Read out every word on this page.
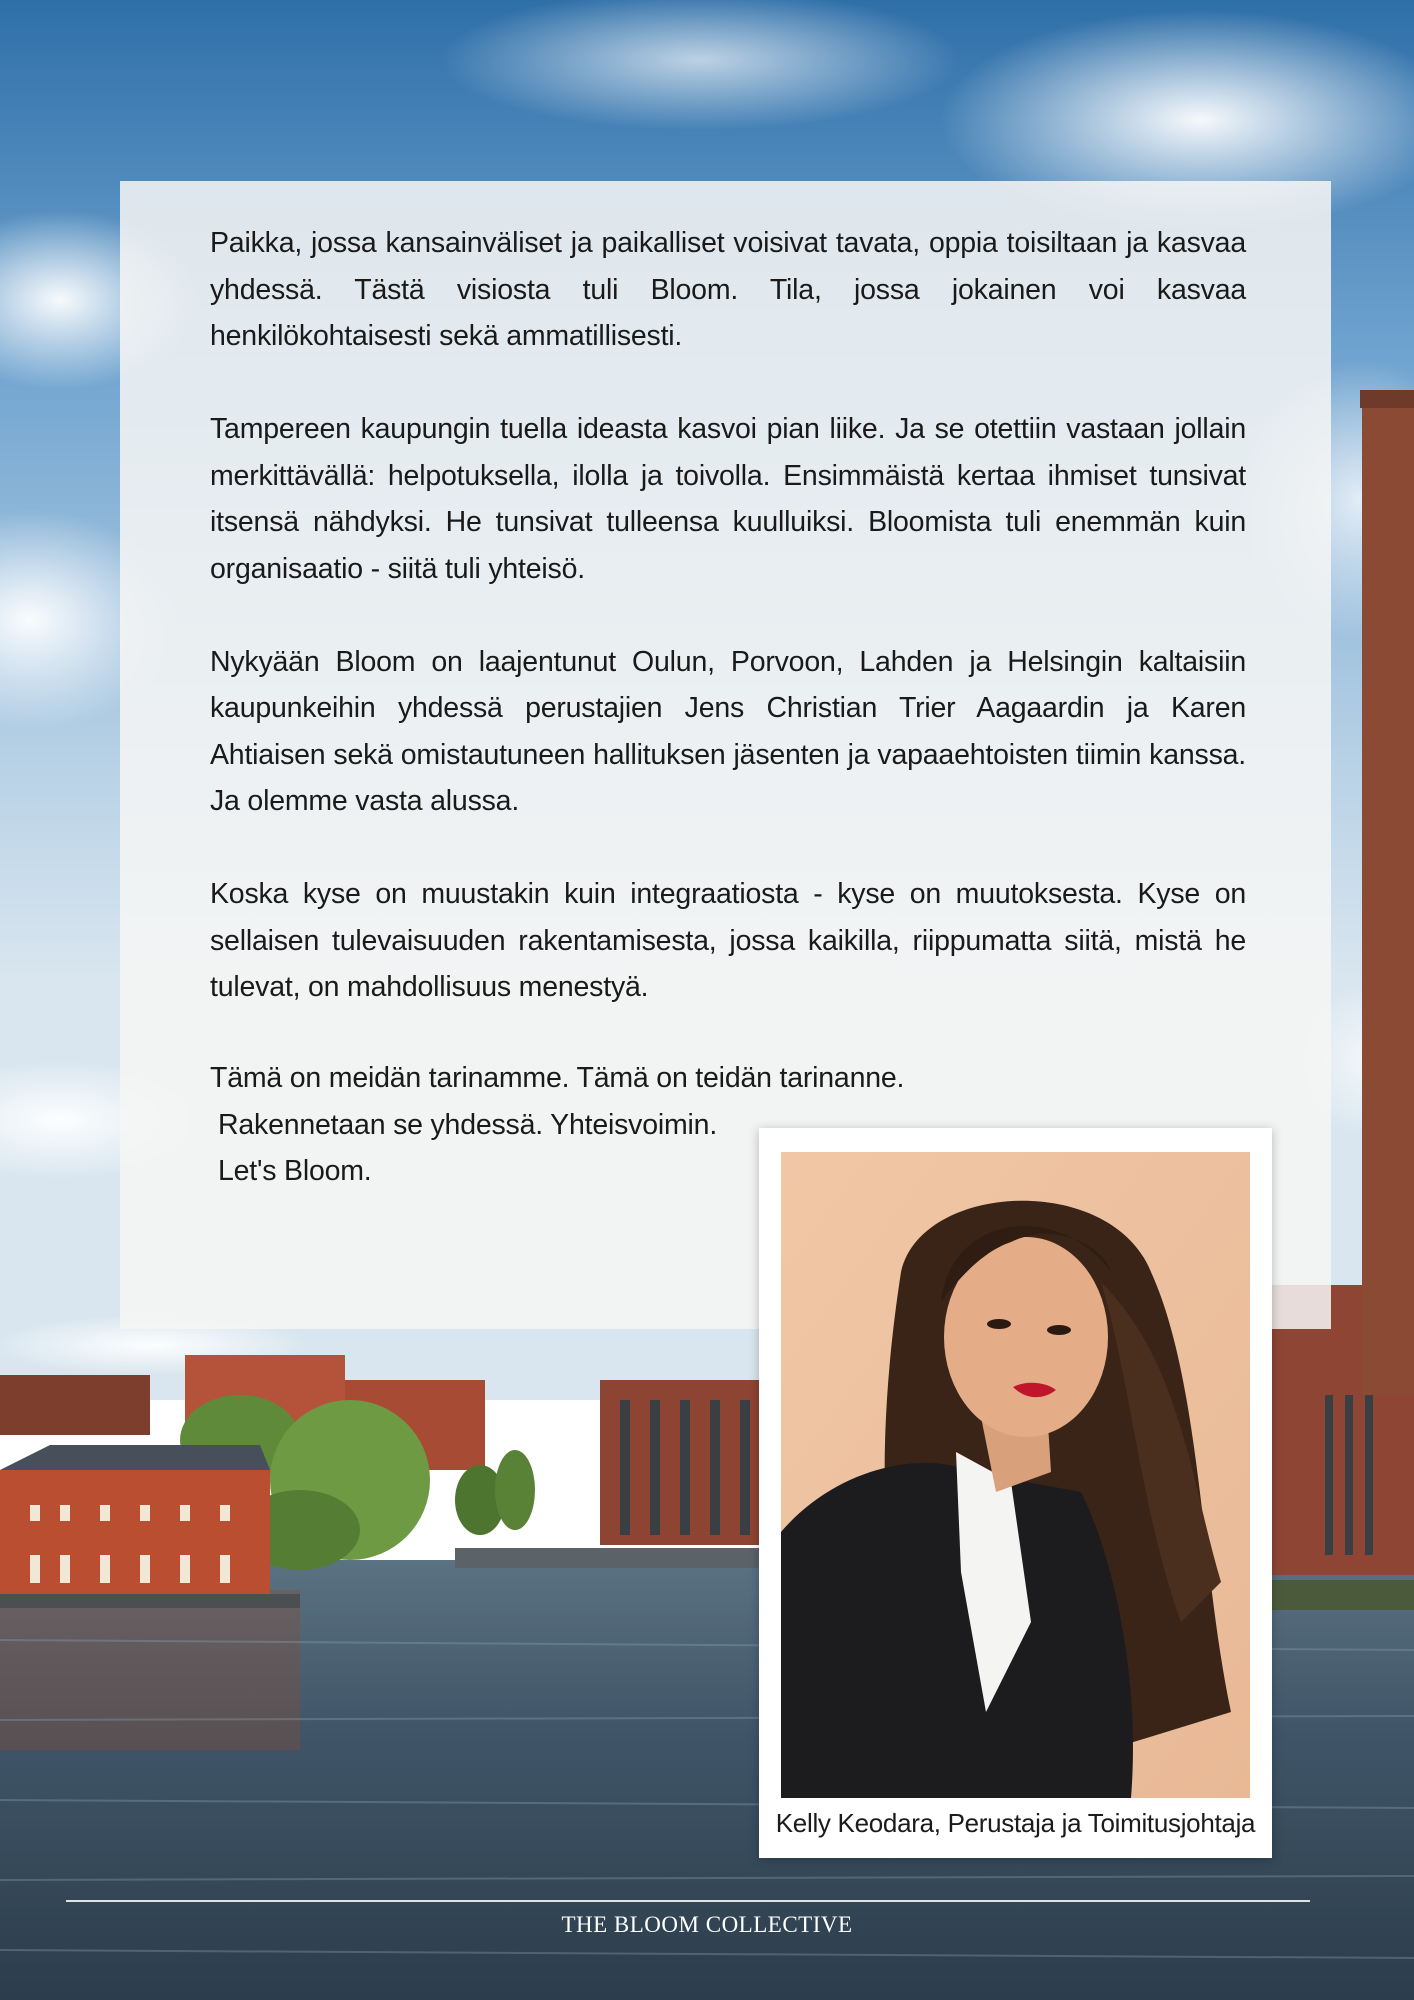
Paikka, jossa kansainväliset ja paikalliset voisivat tavata, oppia toisiltaan ja kasvaa yhdessä. Tästä visiosta tuli Bloom. Tila, jossa jokainen voi kasvaa henkilökohtaisesti sekä ammatillisesti.

Tampereen kaupungin tuella ideasta kasvoi pian liike. Ja se otettiin vastaan jollain merkittävällä: helpotuksella, ilolla ja toivolla. Ensimmäistä kertaa ihmiset tunsivat itsensä nähdyksi. He tunsivat tulleensa kuulluiksi. Bloomista tuli enemmän kuin organisaatio - siitä tuli yhteisö.

Nykyään Bloom on laajentunut Oulun, Porvoon, Lahden ja Helsingin kaltaisiin kaupunkeihin yhdessä perustajien Jens Christian Trier Aagaardin ja Karen Ahtiaisen sekä omistautuneen hallituksen jäsenten ja vapaaehtoisten tiimin kanssa. Ja olemme vasta alussa.

Koska kyse on muustakin kuin integraatiosta - kyse on muutoksesta. Kyse on sellaisen tulevaisuuden rakentamisesta, jossa kaikilla, riippumatta siitä, mistä he tulevat, on mahdollisuus menestyä.

Tämä on meidän tarinamme. Tämä on teidän tarinanne.
Rakennetaan se yhdessä. Yhteisvoimin.
Let's Bloom.
Kelly Keodara, Perustaja ja Toimitusjohtaja
THE BLOOM COLLECTIVE
